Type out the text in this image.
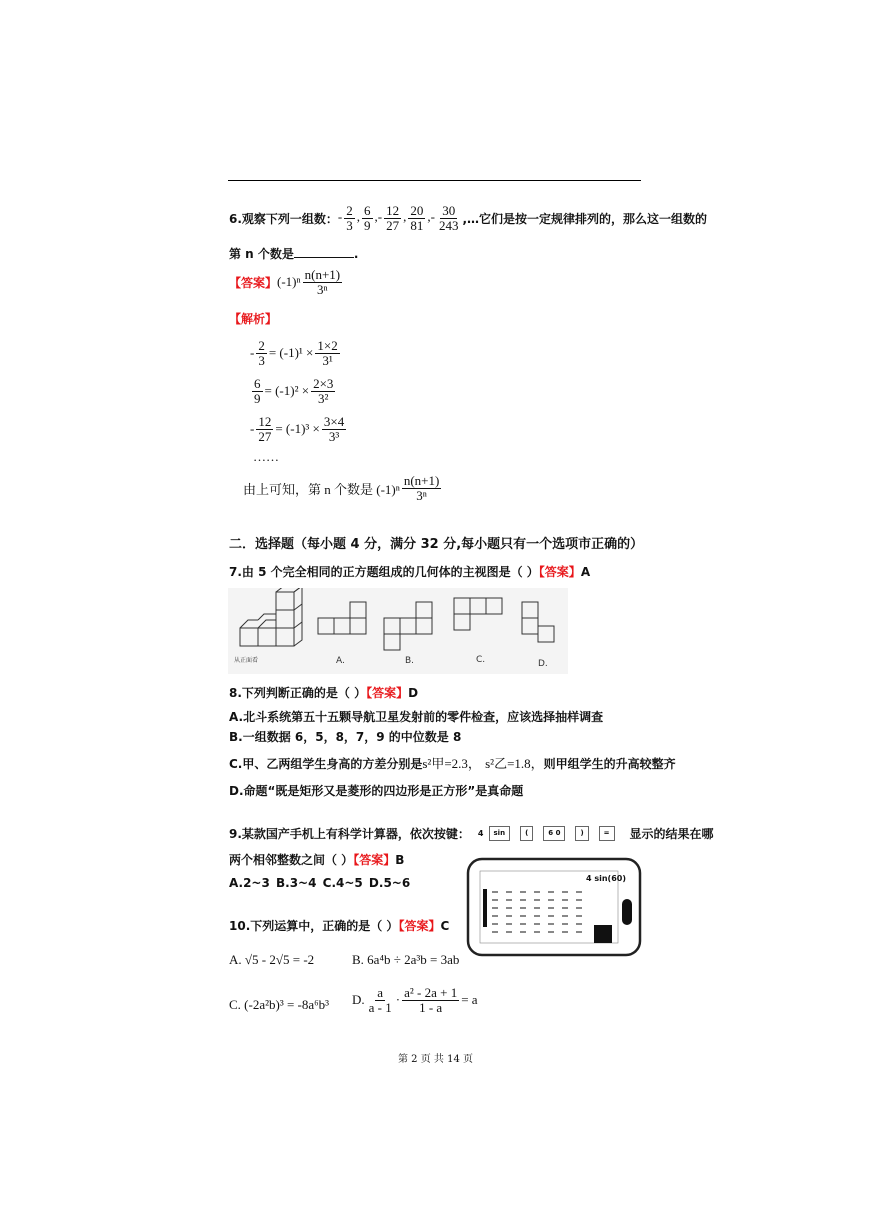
6.观察下列一组数： - $\frac{2}{3}$ , $\frac{6}{9}$ ,- $\frac{12}{27}$ , $\frac{20}{81}$ ,- $\frac{30}{243}$ ,…它们是按一定规律排列的，那么这一组数的
第 n 个数是	.
【答案】 $(-1)^n \frac{n(n+1)}{\text{3ⁿ}}$
【解析】
- $\frac{2}{3} = (-1)^1 \times \frac{1\times 2}{\text{3¹}}$
$\frac{6}{9} = (-1)^2 \times \frac{2\times 3}{\text{3²}}$
- $\frac{12}{27} = (-1)^3 \times \frac{3\times 4}{\text{3³}}$
……
由上可知，第 n 个数是 $(-1)^n \frac{n(n+1)}{\text{3ⁿ}}$
二．选择题（每小题 4 分，满分 32 分,每小题只有一个选项市正确的）
7.由 5 个完全相同的正方题组成的几何体的主视图是（ ）【答案】A
从正面看	A.	B.	C.	D.
8.下列判断正确的是（ ）【答案】D
A.北斗系统第五十五颗导航卫星发射前的零件检查，应该选择抽样调查
B.一组数据 6，5，8，7，9 的中位数是 8
C.甲、乙两组学生身高的方差分别是s²甲=2.3， s²乙=1.8，则甲组学生的升高较整齐
D.命题“既是矩形又是菱形的四边形是正方形”是真命题
9.某款国产手机上有科学计算器，依次按键： 4	sin	(	6 0	)	=	显示的结果在哪
两个相邻整数之间（ ）【答案】B
A.2~3 B.3~4 C.4~5 D.5~6	4 sin(60)
10.下列运算中，正确的是（ ）【答案】C
A. √5 - 2√5 = -2	B. 6a⁴b ÷ 2a³b = 3ab
C. (-2a²b)³ = -8a⁶b³ D. $\frac{a}{a - 1} \cdot \frac{\text{a² - 2a + 1}}{1 - a} = a$
第 2 页 共 14 页
